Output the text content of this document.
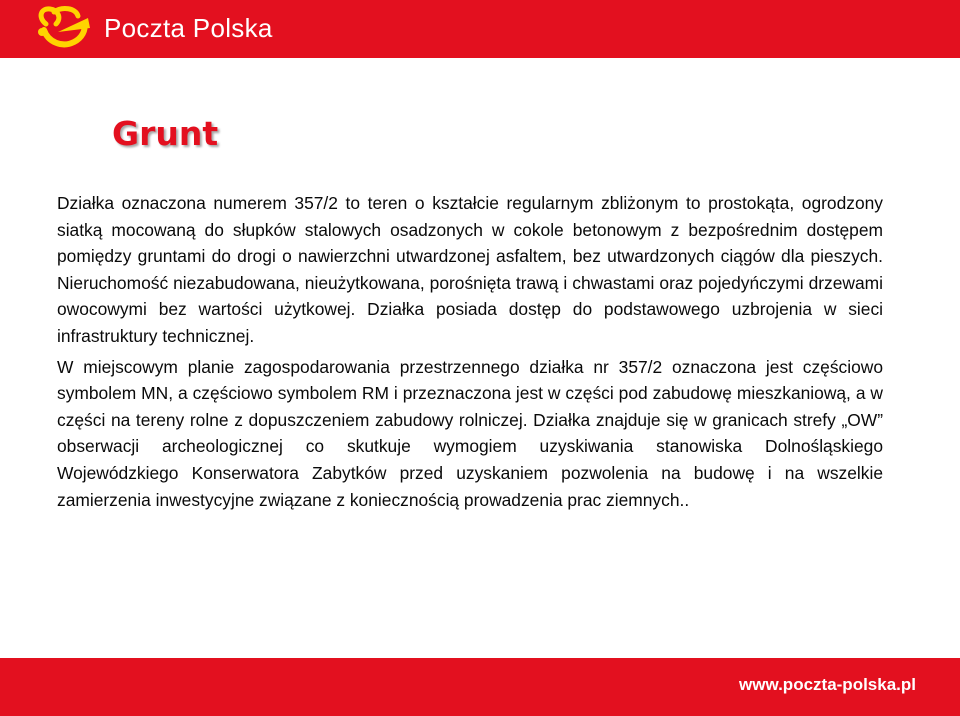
Poczta Polska
Grunt

Działka oznaczona numerem 357/2 to teren o kształcie regularnym zbliżonym to prostokąta, ogrodzony siatką mocowaną do słupków stalowych osadzonych w cokole betonowym z bezpośrednim dostępem pomiędzy gruntami do drogi o nawierzchni utwardzonej asfaltem, bez utwardzonych ciągów dla pieszych. Nieruchomość niezabudowana, nieużytkowana, porośnięta trawą i chwastami oraz pojedyńczymi drzewami owocowymi bez wartości użytkowej. Działka posiada dostęp do podstawowego uzbrojenia w sieci infrastruktury technicznej.

W miejscowym planie zagospodarowania przestrzennego działka nr 357/2 oznaczona jest częściowo symbolem MN, a częściowo symbolem RM i przeznaczona jest w części pod zabudowę mieszkaniową, a w części na tereny rolne z dopuszczeniem zabudowy rolniczej. Działka znajduje się w granicach strefy „OW” obserwacji archeologicznej co skutkuje wymogiem uzyskiwania stanowiska Dolnośląskiego Wojewódzkiego Konserwatora Zabytków przed uzyskaniem pozwolenia na budowę i na wszelkie zamierzenia inwestycyjne związane z koniecznością prowadzenia prac ziemnych..

www.poczta-polska.pl
